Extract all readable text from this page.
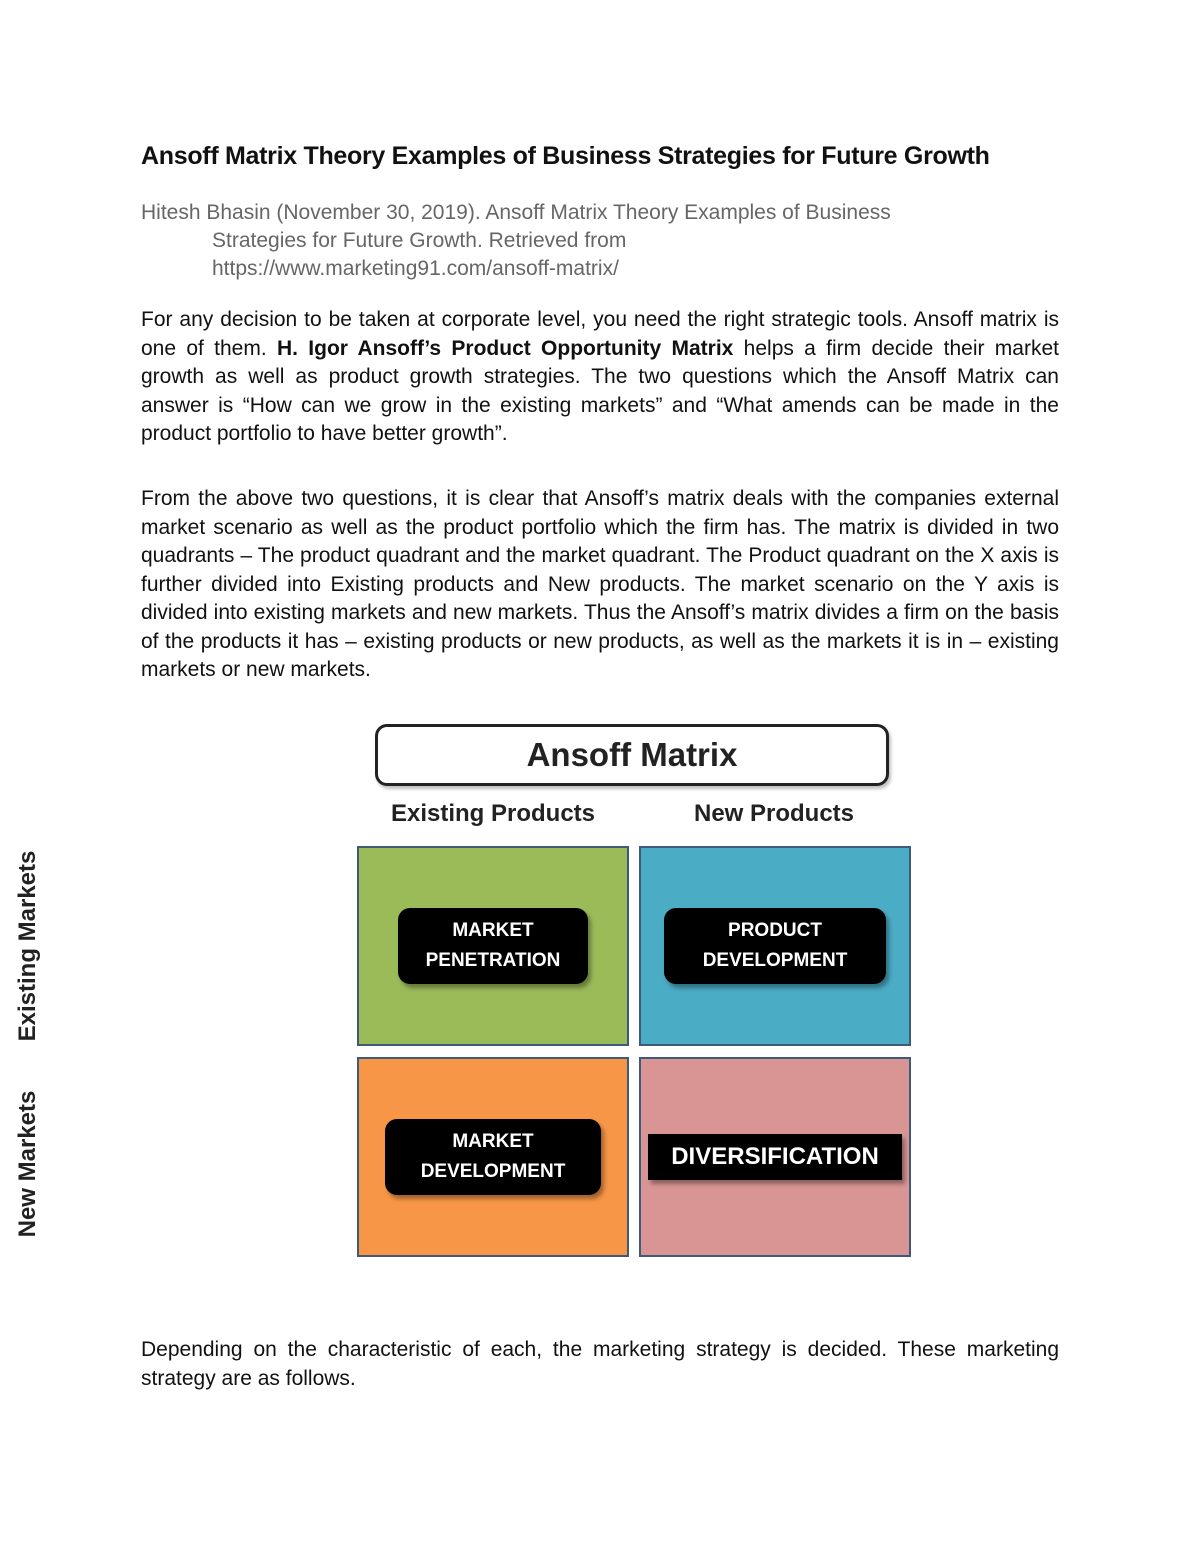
Ansoff Matrix Theory Examples of Business Strategies for Future Growth
Hitesh Bhasin (November 30, 2019). Ansoff Matrix Theory Examples of Business
Strategies for Future Growth. Retrieved from
https://www.marketing91.com/ansoff-matrix/

For any decision to be taken at corporate level, you need the right strategic tools. Ansoff matrix is one of them. H. Igor Ansoff’s Product Opportunity Matrix helps a firm decide their market growth as well as product growth strategies. The two questions which the Ansoff Matrix can answer is “How can we grow in the existing markets” and “What amends can be made in the product portfolio to have better growth”.

From the above two questions, it is clear that Ansoff’s matrix deals with the companies external market scenario as well as the product portfolio which the firm has. The matrix is divided in two quadrants – The product quadrant and the market quadrant. The Product quadrant on the X axis is further divided into Existing products and New products. The market scenario on the Y axis is divided into existing markets and new markets. Thus the Ansoff’s matrix divides a firm on the basis of the products it has – existing products or new products, as well as the markets it is in – existing markets or new markets.

Ansoff Matrix
Existing Products	New Products
MARKET
PENETRATION
PRODUCT
DEVELOPMENT
MARKET
DEVELOPMENT
DIVERSIFICATION
Existing Markets
New Markets

Depending on the characteristic of each, the marketing strategy is decided. These marketing strategy are as follows.
